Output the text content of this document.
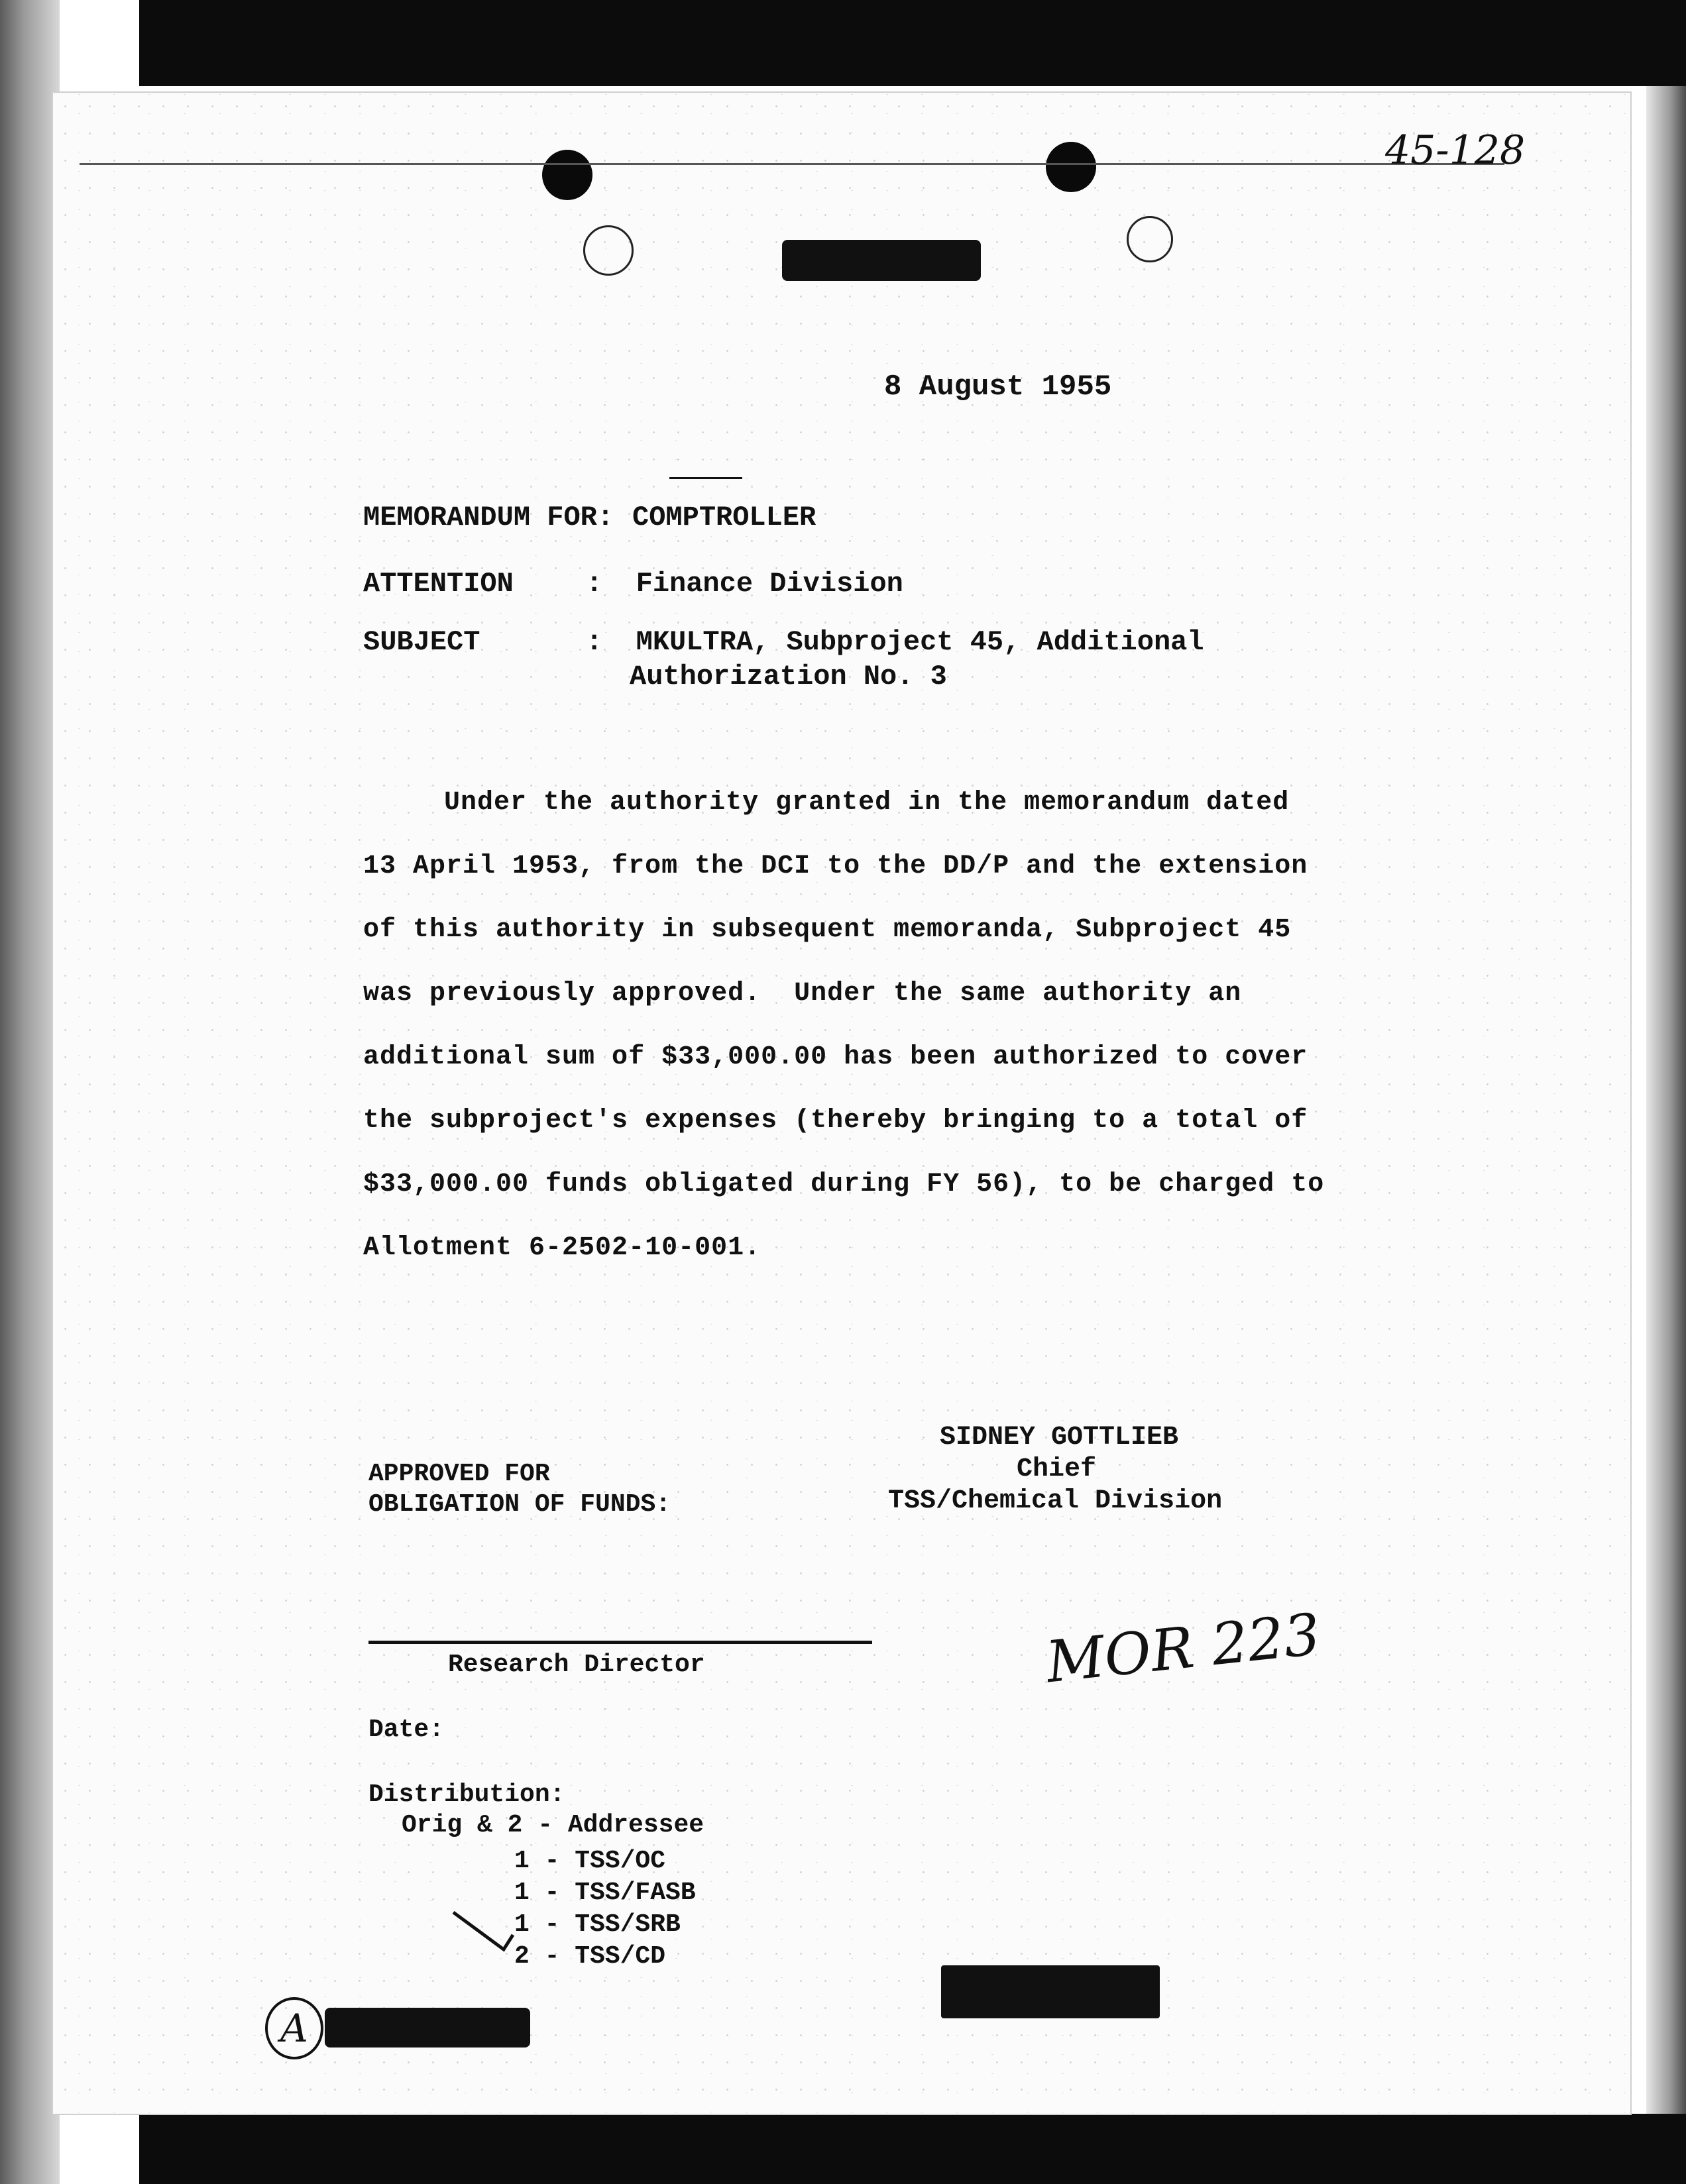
45-128
8 August 1955
MEMORANDUM FOR: COMPTROLLER
ATTENTION	:  Finance Division
SUBJECT	:  MKULTRA, Subproject 45, Additional
Authorization No. 3
Under the authority granted in the memorandum dated
13 April 1953, from the DCI to the DD/P and the extension
of this authority in subsequent memoranda, Subproject 45
was previously approved.  Under the same authority an
additional sum of $33,000.00 has been authorized to cover
the subproject's expenses (thereby bringing to a total of
$33,000.00 funds obligated during FY 56), to be charged to
Allotment 6-2502-10-001.
SIDNEY GOTTLIEB
Chief
TSS/Chemical Division
APPROVED FOR
OBLIGATION OF FUNDS:
Research Director	MOR 223
Date:
Distribution:
Orig & 2 - Addressee
1 - TSS/OC
1 - TSS/FASB
1 - TSS/SRB
2 - TSS/CD
A
